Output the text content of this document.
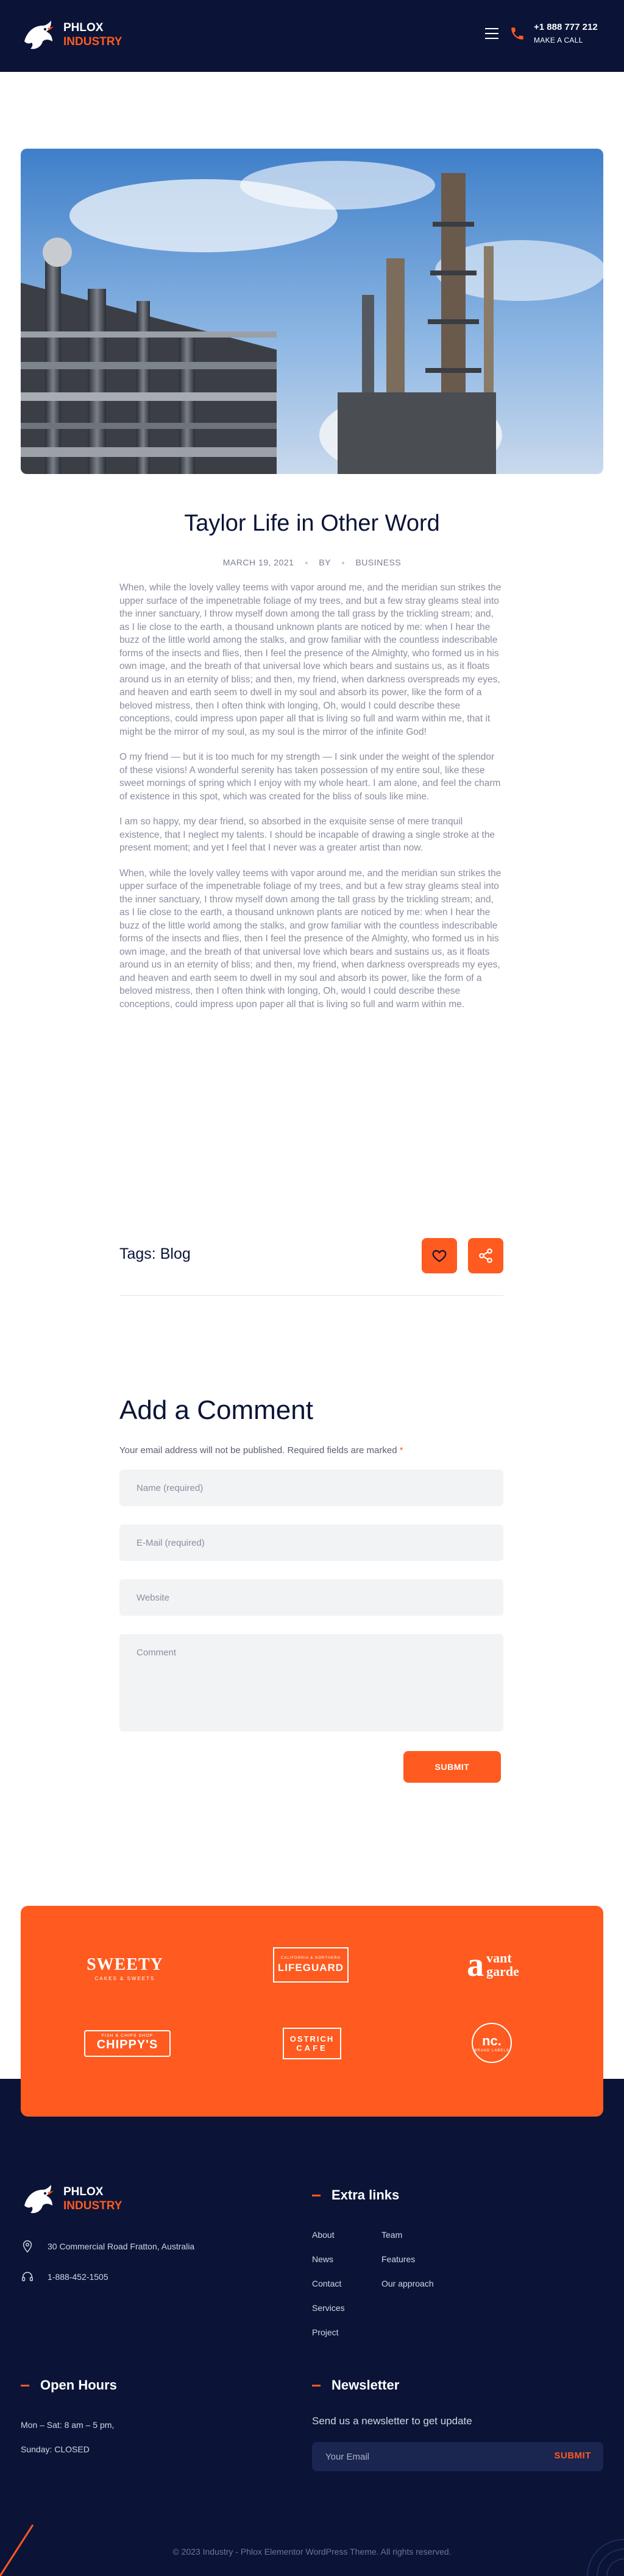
PHLOX
INDUSTRY
+1 888 777 212
MAKE A CALL
Taylor Life in Other Word
MARCH 19, 2021	BY	BUSINESS

When, while the lovely valley teems with vapor around me, and the meridian sun strikes the upper surface of the impenetrable foliage of my trees, and but a few stray gleams steal into the inner sanctuary, I throw myself down among the tall grass by the trickling stream; and, as I lie close to the earth, a thousand unknown plants are noticed by me: when I hear the buzz of the little world among the stalks, and grow familiar with the countless indescribable forms of the insects and flies, then I feel the presence of the Almighty, who formed us in his own image, and the breath of that universal love which bears and sustains us, as it floats around us in an eternity of bliss; and then, my friend, when darkness overspreads my eyes, and heaven and earth seem to dwell in my soul and absorb its power, like the form of a beloved mistress, then I often think with longing, Oh, would I could describe these conceptions, could impress upon paper all that is living so full and warm within me, that it might be the mirror of my soul, as my soul is the mirror of the infinite God!

O my friend — but it is too much for my strength — I sink under the weight of the splendor of these visions! A wonderful serenity has taken possession of my entire soul, like these sweet mornings of spring which I enjoy with my whole heart. I am alone, and feel the charm of existence in this spot, which was created for the bliss of souls like mine.

I am so happy, my dear friend, so absorbed in the exquisite sense of mere tranquil existence, that I neglect my talents. I should be incapable of drawing a single stroke at the present moment; and yet I feel that I never was a greater artist than now.

When, while the lovely valley teems with vapor around me, and the meridian sun strikes the upper surface of the impenetrable foliage of my trees, and but a few stray gleams steal into the inner sanctuary, I throw myself down among the tall grass by the trickling stream; and, as I lie close to the earth, a thousand unknown plants are noticed by me: when I hear the buzz of the little world among the stalks, and grow familiar with the countless indescribable forms of the insects and flies, then I feel the presence of the Almighty, who formed us in his own image, and the breath of that universal love which bears and sustains us, as it floats around us in an eternity of bliss; and then, my friend, when darkness overspreads my eyes, and heaven and earth seem to dwell in my soul and absorb its power, like the form of a beloved mistress, then I often think with longing, Oh, would I could describe these conceptions, could impress upon paper all that is living so full and warm within me.

Tags: Blog
Add a Comment
Your email address will not be published. Required fields are marked *
Name (required)
E-Mail (required)
Website
Comment
SUBMIT
SWEETY
CAKES & SWEETS
CALIFORNIA & NORTHERN
LIFEGUARD	a vant
garde
FISH & CHIPS SHOP
CHIPPY'S	OSTRICH
CAFE	nc.
BRAND LABELS
PHLOX
INDUSTRY
30 Commercial Road Fratton, Australia
1-888-452-1505
Extra links
About
News
Contact
Services
Project
Team
Features
Our approach
Open Hours
Mon – Sat: 8 am – 5 pm,
Sunday: CLOSED
Newsletter
Send us a newsletter to get update
Your Email
SUBMIT
© 2023 Industry - Phlox Elementor WordPress Theme. All rights reserved.
